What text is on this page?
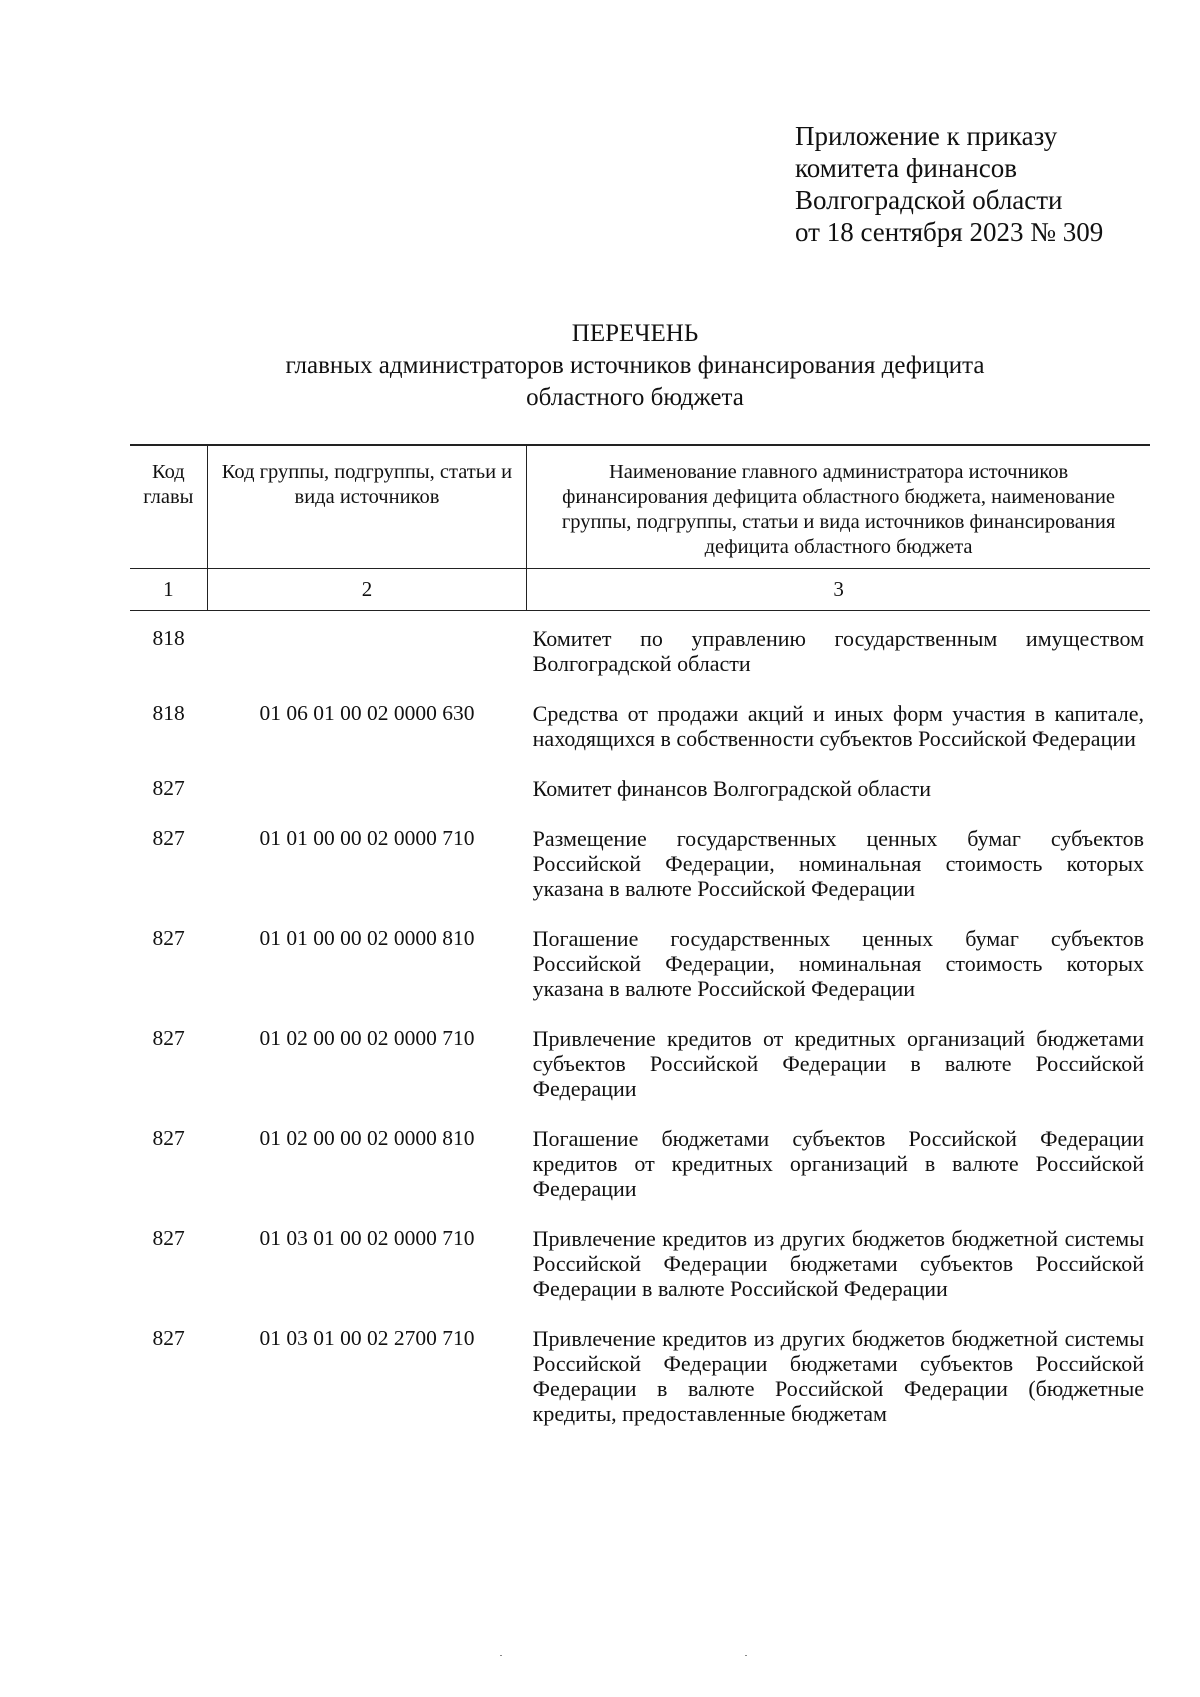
Приложение к приказу
комитета финансов
Волгоградской области
от 18 сентября 2023 № 309
ПЕРЕЧЕНЬ
главных администраторов источников финансирования дефицита
областного бюджета
Код главы	Код группы, подгруппы, статьи и вида источников	Наименование главного администратора источников финансирования дефицита областного бюджета, наименование группы, подгруппы, статьи и вида источников финансирования дефицита областного бюджета
1	2	3
818		Комитет по управлению государственным имуществом Волгоградской области
818	01 06 01 00 02 0000 630	Средства от продажи акций и иных форм участия в капитале, находящихся в собственности субъектов Российской Федерации
827		Комитет финансов Волгоградской области
827	01 01 00 00 02 0000 710	Размещение государственных ценных бумаг субъектов Российской Федерации, номинальная стоимость которых указана в валюте Российской Федерации
827	01 01 00 00 02 0000 810	Погашение государственных ценных бумаг субъектов Российской Федерации, номинальная стоимость которых указана в валюте Российской Федерации
827	01 02 00 00 02 0000 710	Привлечение кредитов от кредитных организаций бюджетами субъектов Российской Федерации в валюте Российской Федерации
827	01 02 00 00 02 0000 810	Погашение бюджетами субъектов Российской Федерации кредитов от кредитных организаций в валюте Российской Федерации
827	01 03 01 00 02 0000 710	Привлечение кредитов из других бюджетов бюджетной системы Российской Федерации бюджетами субъектов Российской Федерации в валюте Российской Федерации
827	01 03 01 00 02 2700 710	Привлечение кредитов из других бюджетов бюджетной системы Российской Федерации бюджетами субъектов Российской Федерации в валюте Российской Федерации (бюджетные кредиты, предоставленные бюджетам
